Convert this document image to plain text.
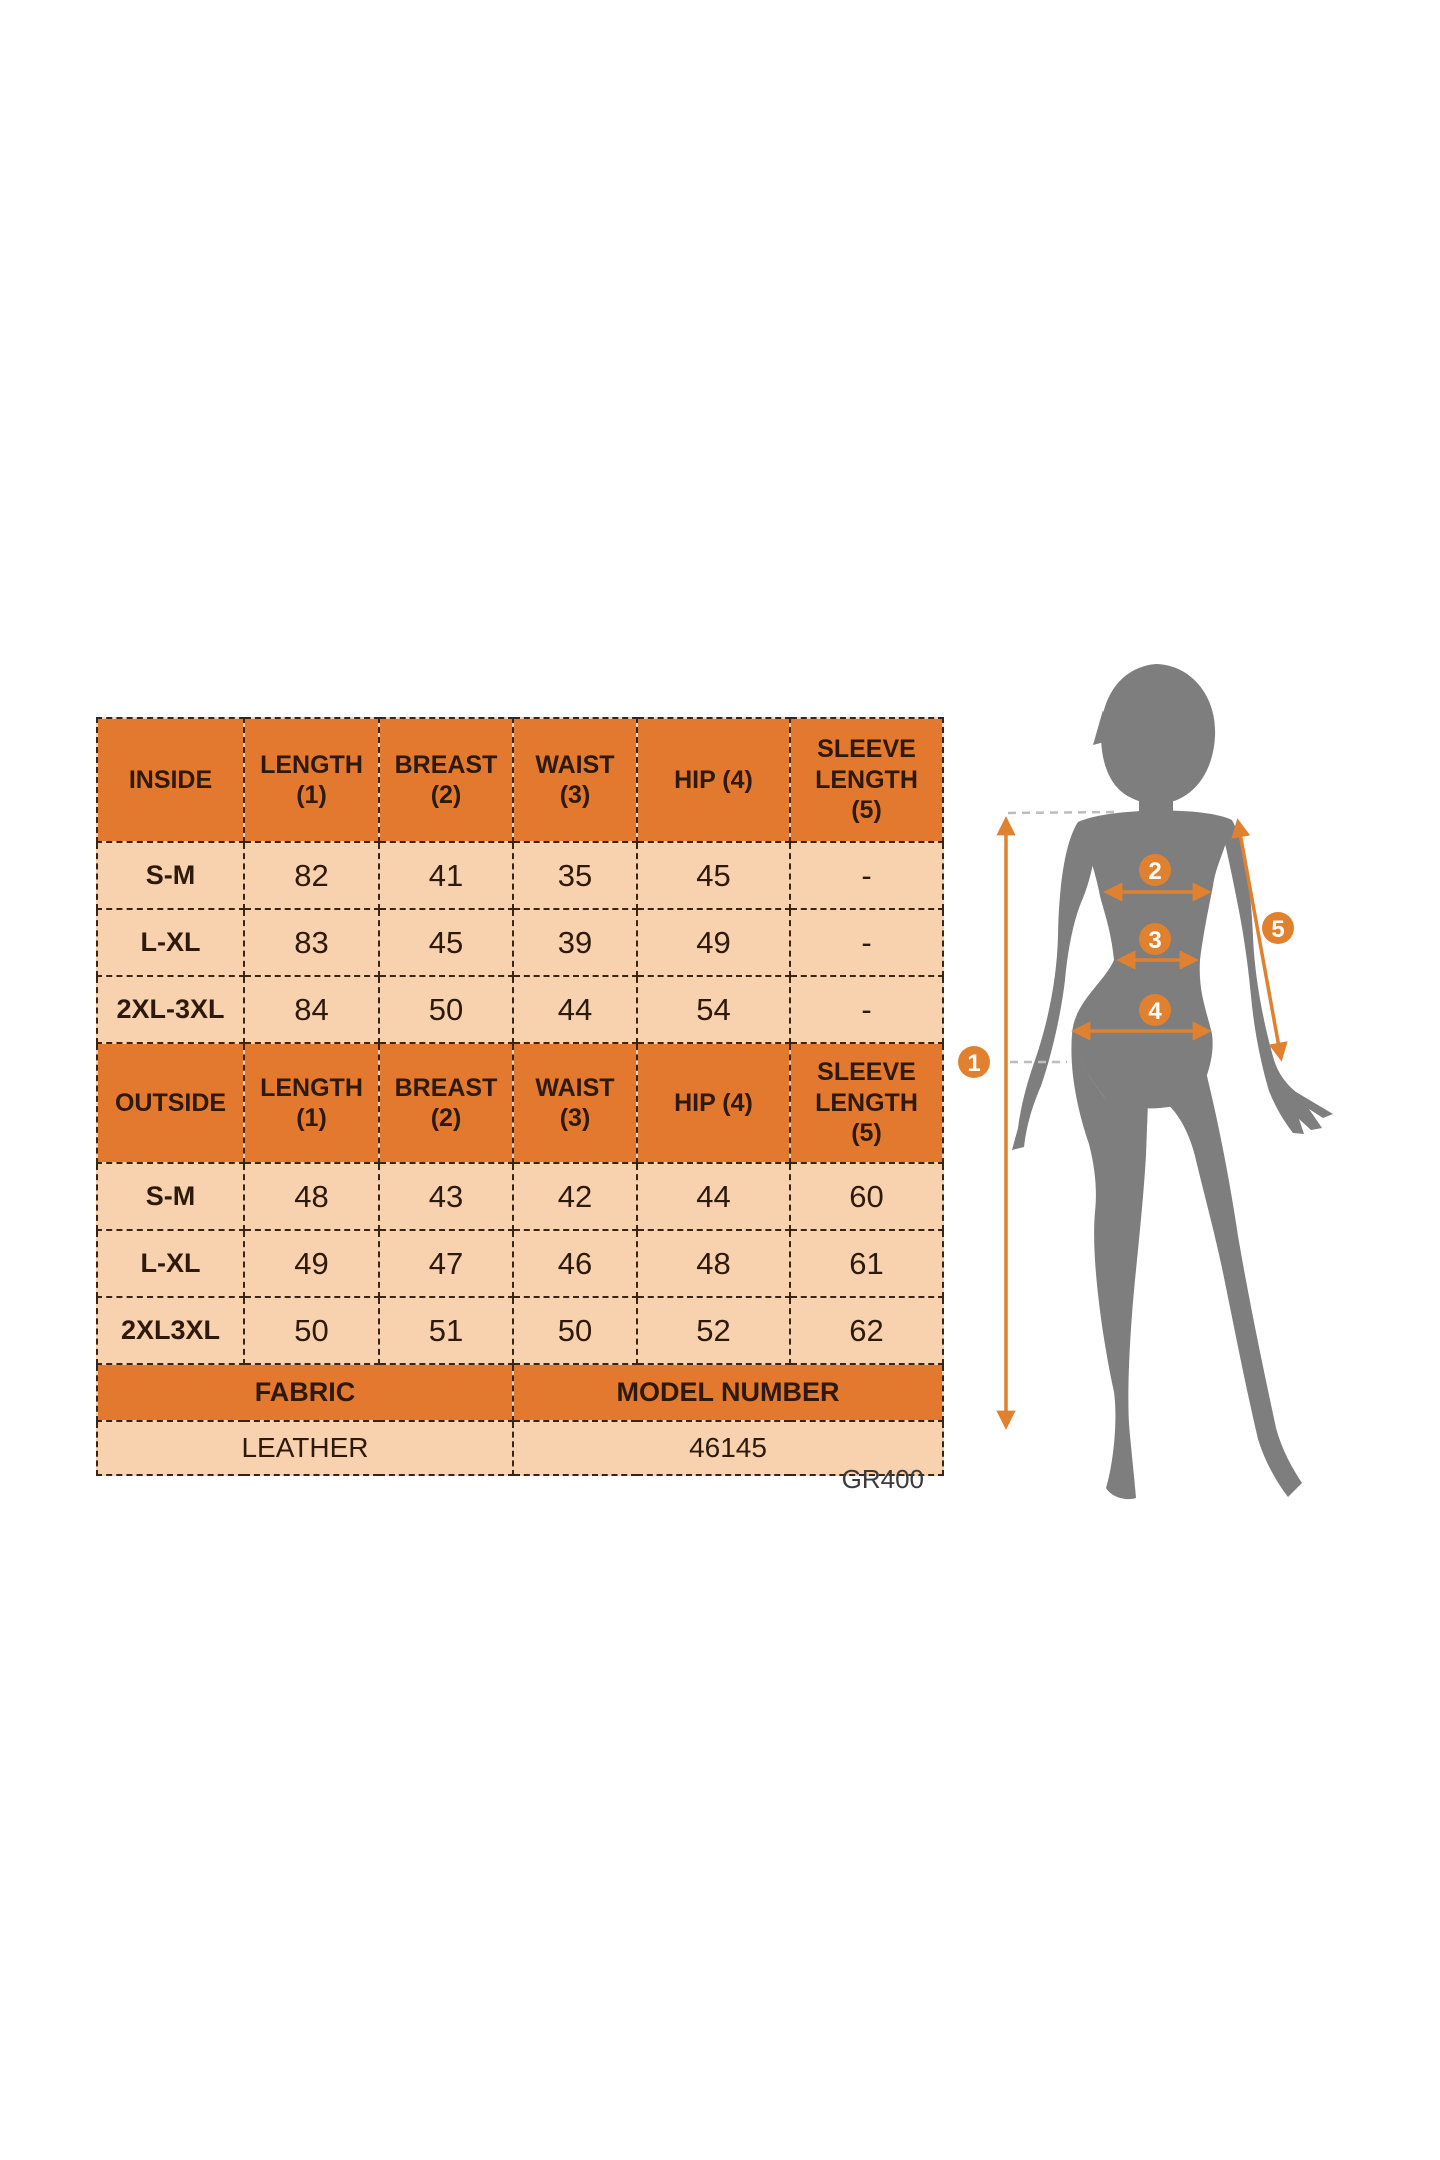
INSIDE	LENGTH (1)	BREAST (2)	WAIST (3)	HIP (4)	SLEEVE LENGTH (5)
S-M	82	41	35	45	-
L-XL	83	45	39	49	-
2XL-3XL	84	50	44	54	-
OUTSIDE	LENGTH (1)	BREAST (2)	WAIST (3)	HIP (4)	SLEEVE LENGTH (5)
S-M	48	43	42	44	60
L-XL	49	47	46	48	61
2XL3XL	50	51	50	52	62
FABRIC			MODEL NUMBER		
LEATHER			46145		
GR400
1
2
3
4
5
